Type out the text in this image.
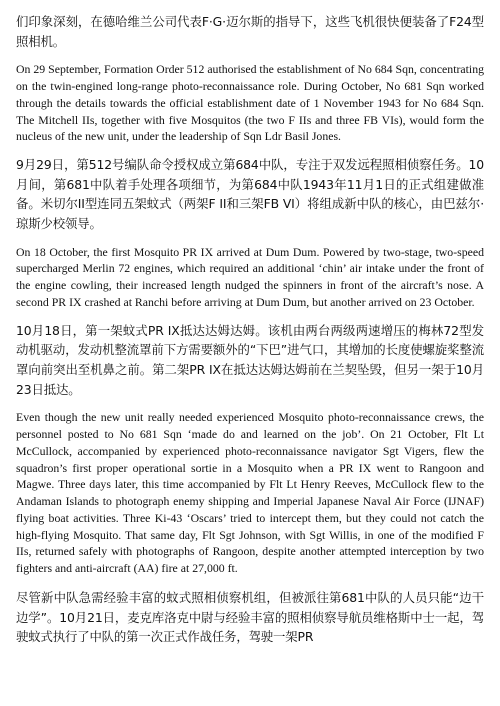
们印象深刻，在德哈维兰公司代表F·G·迈尔斯的指导下，这些飞机很快便装备了F24型照相机。

On 29 September, Formation Order 512 authorised the establishment of No 684 Sqn, concentrating on the twin-engined long-range photo-reconnaissance role. During October, No 681 Sqn worked through the details towards the official establishment date of 1 November 1943 for No 684 Sqn. The Mitchell IIs, together with five Mosquitos (the two F IIs and three FB VIs), would form the nucleus of the new unit, under the leadership of Sqn Ldr Basil Jones.

9月29日，第512号编队命令授权成立第684中队，专注于双发远程照相侦察任务。10月间，第681中队着手处理各项细节，为第684中队1943年11月1日的正式组建做准备。米切尔II型连同五架蚊式（两架F II和三架FB VI）将组成新中队的核心，由巴兹尔·琼斯少校领导。

On 18 October, the first Mosquito PR IX arrived at Dum Dum. Powered by two-stage, two-speed supercharged Merlin 72 engines, which required an additional ‘chin’ air intake under the front of the engine cowling, their increased length nudged the spinners in front of the aircraft’s nose. A second PR IX crashed at Ranchi before arriving at Dum Dum, but another arrived on 23 October.

10月18日，第一架蚊式PR IX抵达达姆达姆。该机由两台两级两速增压的梅林72型发动机驱动，发动机整流罩前下方需要额外的“下巴”进气口，其增加的长度使螺旋桨整流罩向前突出至机鼻之前。第二架PR IX在抵达达姆达姆前在兰契坠毁，但另一架于10月23日抵达。

Even though the new unit really needed experienced Mosquito photo-reconnaissance crews, the personnel posted to No 681 Sqn ‘made do and learned on the job’. On 21 October, Flt Lt McCullock, accompanied by experienced photo-reconnaissance navigator Sgt Vigers, flew the squadron’s first proper operational sortie in a Mosquito when a PR IX went to Rangoon and Magwe. Three days later, this time accompanied by Flt Lt Henry Reeves, McCullock flew to the Andaman Islands to photograph enemy shipping and Imperial Japanese Naval Air Force (IJNAF) flying boat activities. Three Ki-43 ‘Oscars’ tried to intercept them, but they could not catch the high-flying Mosquito. That same day, Flt Sgt Johnson, with Sgt Willis, in one of the modified F IIs, returned safely with photographs of Rangoon, despite another attempted interception by two fighters and anti-aircraft (AA) fire at 27,000 ft.

尽管新中队急需经验丰富的蚊式照相侦察机组，但被派往第681中队的人员只能“边干边学”。10月21日，麦克库洛克中尉与经验丰富的照相侦察导航员维格斯中士一起，驾驶蚊式执行了中队的第一次正式作战任务，驾驶一架PR
